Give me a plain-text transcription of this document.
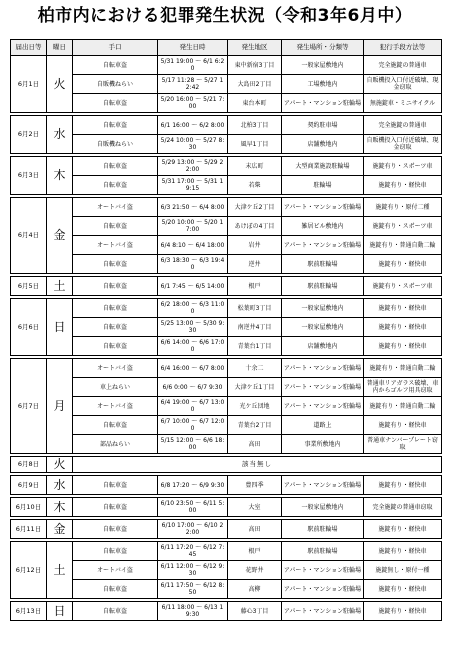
柏市内における犯罪発生状況（令和3年6月中）
届出日等	曜日	手口	発生日時	発生地区	発生場所・分類等	犯行手段方法等
6月1日	火	自転車盗	5/31 19:00 ～ 6/1 6:20	東中新宿3丁目	一般家屋敷地内	完全施錠の普通車
		自販機ねらい	5/17 11:28 ～ 5/27 12:42	大島田2丁目	工場敷地内	自販機投入口付近破壊、現金窃取
		自転車盗	5/20 16:00 ～ 5/21 7:00	東台本町	アパート・マンション駐輪場	無施錠車・ミニサイクル

6月2日	水	自転車盗	6/1 16:00 ～ 6/2 8:00	北柏3丁目	契約駐車場	完全施錠の普通車
		自販機ねらい	5/24 10:00 ～ 5/27 8:30	風早1丁目	店舗敷地内	自販機投入口付近破壊、現金窃取

6月3日	木	自転車盗	5/29 13:00 ～ 5/29 22:00	末広町	大型商業施設駐輪場	施錠有り・スポーツ車
		自転車盗	5/31 17:00 ～ 5/31 19:15	若柴	駐輪場	施錠有り・軽快車

6月4日	金	オートバイ盗	6/3 21:50 ～ 6/4 8:00	大津ケ丘2丁目	アパート・マンション駐輪場	施錠有り・原付二種
		自転車盗	5/20 10:00 ～ 5/20 17:00	あけぼの4丁目	雑居ビル敷地内	施錠有り・スポーツ車
		オートバイ盗	6/4 8:10 ～ 6/4 18:00	岩井	アパート・マンション駐輪場	施錠有り・普通自動二輪
		自転車盗	6/3 18:30 ～ 6/3 19:40	逆井	駅前駐輪場	施錠有り・軽快車

6月5日	土	自転車盗	6/1 7:45 ～ 6/5 14:00	根戸	駅前駐輪場	施錠有り・スポーツ車

6月6日	日	自転車盗	6/2 18:00 ～ 6/3 11:00	松葉町3丁目	一般家屋敷地内	施錠有り・軽快車
		自転車盗	5/25 13:00 ～ 5/30 9:30	南逆井4丁目	一般家屋敷地内	施錠有り・軽快車
		自転車盗	6/6 14:00 ～ 6/6 17:00	青葉台1丁目	店舗敷地内	施錠有り・軽快車

6月7日	月	オートバイ盗	6/4 16:00 ～ 6/7 8:00	十余二	アパート・マンション駐輪場	施錠有り・普通自動二輪
		車上ねらい	6/6 0:00 ～ 6/7 9:30	大津ケ丘1丁目	アパート・マンション駐輪場	普通車リアガラス破壊、車内からゴルフ用具窃取
		オートバイ盗	6/4 19:00 ～ 6/7 13:00	光ケ丘団地	アパート・マンション駐輪場	施錠有り・普通自動二輪
		自転車盗	6/7 10:00 ～ 6/7 12:00	青葉台2丁目	道路上	施錠有り・軽快車
		部品ねらい	5/15 12:00 ～ 6/6 18:00	高田	事業所敷地内	普通車ナンバープレート窃取

6月8日	火	該当無し				

6月9日	水	自転車盗	6/8 17:20 ～ 6/9 9:30	豊四季	アパート・マンション駐輪場	施錠有り・軽快車

6月10日	木	自転車盗	6/10 23:50 ～ 6/11 5:00	大室	一般家屋敷地内	完全施錠の普通車窃取

6月11日	金	自転車盗	6/10 17:00 ～ 6/10 22:00	高田	駅前駐輪場	施錠有り・軽快車

6月12日	土	自転車盗	6/11 17:20 ～ 6/12 7:45	根戸	駅前駐輪場	施錠有り・軽快車
		オートバイ盗	6/11 12:00 ～ 6/12 9:30	花野井	アパート・マンション駐輪場	施錠無し・原付一種
		自転車盗	6/11 17:50 ～ 6/12 8:50	高柳	アパート・マンション駐輪場	施錠有り・軽快車

6月13日	日	自転車盗	6/11 18:00 ～ 6/13 19:30	藤心3丁目	アパート・マンション駐輪場	施錠有り・軽快車
